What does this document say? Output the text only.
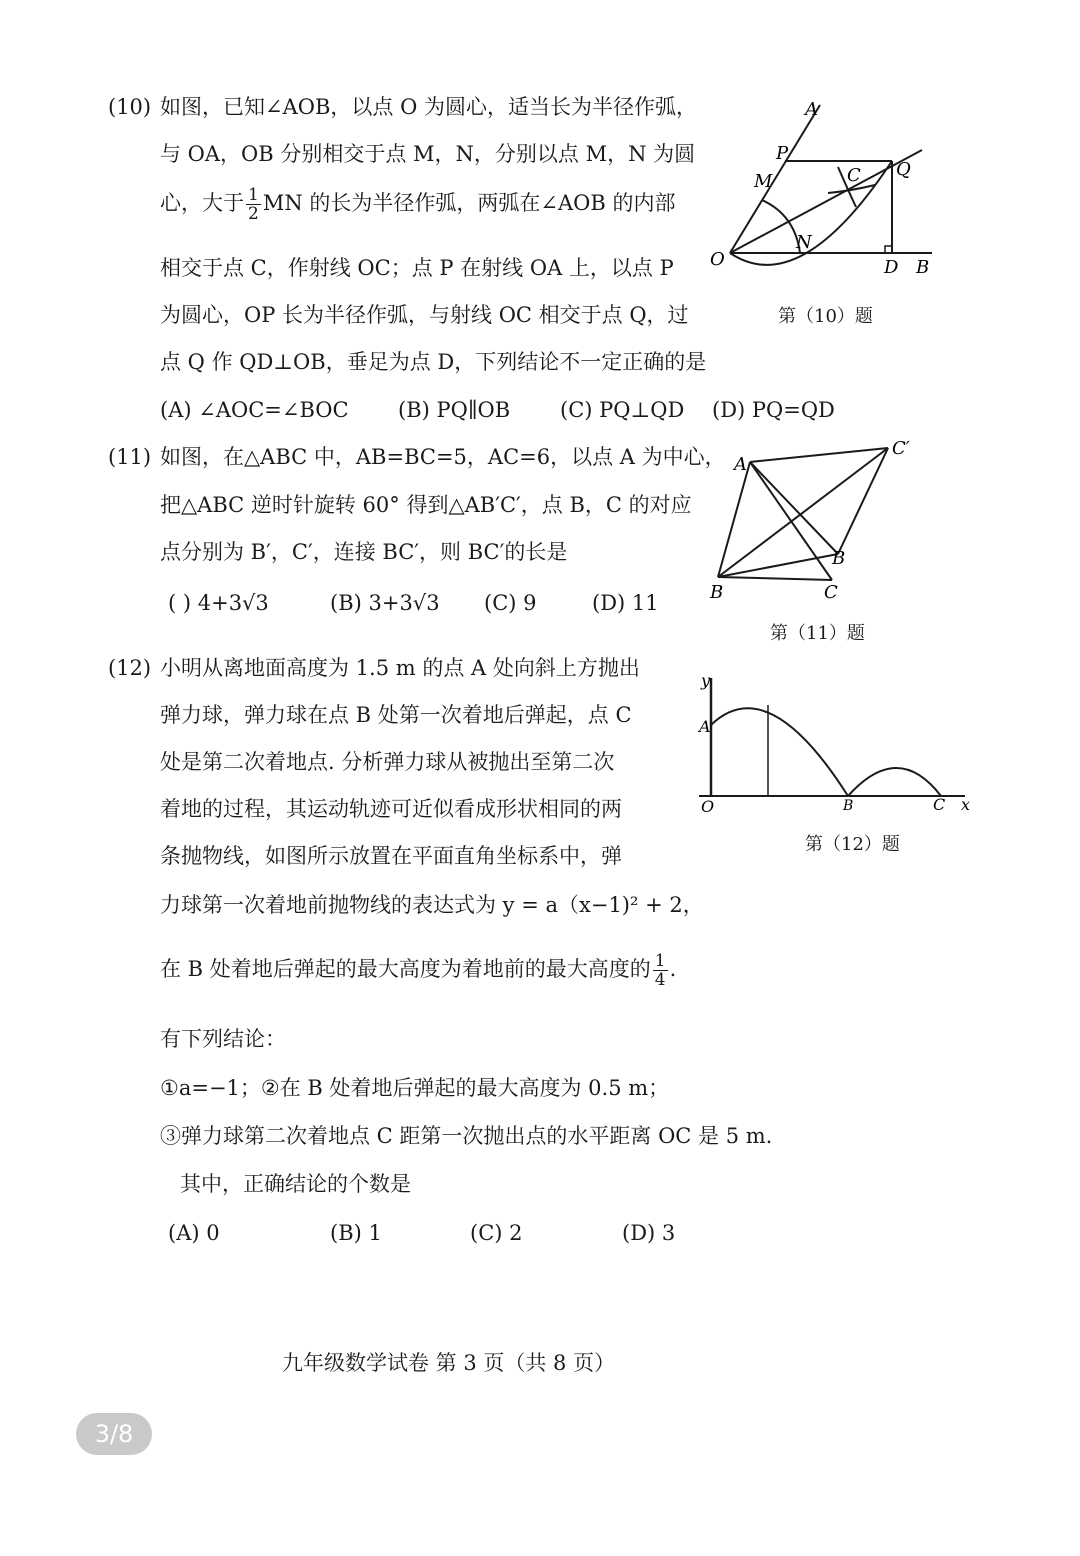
(10) 如图，已知∠AOB，以点 O 为圆心，适当长为半径作弧，
与 OA，OB 分别相交于点 M，N，分别以点 M，N 为圆
心，大于 $\frac{1}{2}$ MN 的长为半径作弧，两弧在∠AOB 的内部
相交于点 C，作射线 OC；点 P 在射线 OA 上，以点 P
为圆心，OP 长为半径作弧，与射线 OC 相交于点 Q，过
点 Q 作 QD⊥OB，垂足为点 D，下列结论不一定正确的是
(A) ∠AOC=∠BOC (B) PQ∥OB (C) PQ⊥QD (D) PQ=QD
A
P
M	C Q
O
N
D B
第（10）题
(11) 如图，在△ABC 中，AB=BC=5，AC=6，以点 A 为中心，
把△ABC 逆时针旋转 60° 得到△AB′C′，点 B，C 的对应
点分别为 B′，C′，连接 BC′，则 BC′的长是
( ) 4+3√3	(B) 3+3√3 (C) 9	(D) 11
A
C′
B
B	C
第（11）题
(12) 小明从离地面高度为 1.5 m 的点 A 处向斜上方抛出
弹力球，弹力球在点 B 处第一次着地后弹起，点 C
处是第二次着地点. 分析弹力球从被抛出至第二次
着地的过程，其运动轨迹可近似看成形状相同的两
条抛物线，如图所示放置在平面直角坐标系中，弹
力球第一次着地前抛物线的表达式为 y = a（x−1)² + 2，
在 B 处着地后弹起的最大高度为着地前的最大高度的 $\frac{1}{4}$ .
有下列结论：
①a=−1；②在 B 处着地后弹起的最大高度为 0.5 m；
③弹力球第二次着地点 C 距第一次抛出点的水平距离 OC 是 5 m.
其中，正确结论的个数是
(A) 0	(B) 1	(C) 2	(D) 3
y
A
O	B	C x
第（12）题
九年级数学试卷 第 3 页（共 8 页）
3/8
